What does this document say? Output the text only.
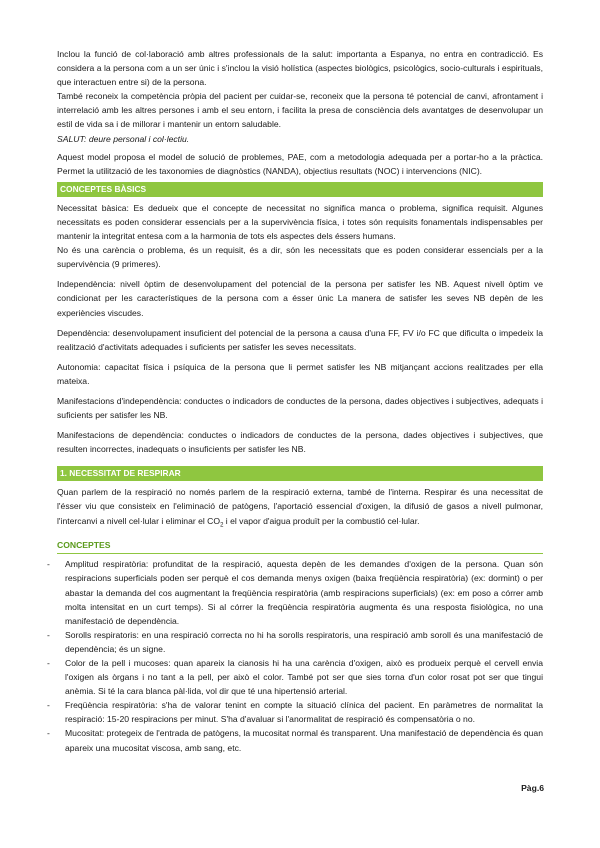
Inclou la funció de col·laboració amb altres professionals de la salut: importanta a Espanya, no entra en contradicció. Es considera a la persona com a un ser únic i s'inclou la visió holística (aspectes biològics, psicològics, socio-culturals i espirituals, que interactuen entre si) de la persona.

També reconeix la competència pròpia del pacient per cuidar-se, reconeix que la persona té potencial de canvi, afrontament i interrelació amb les altres persones i amb el seu entorn, i facilita la presa de consciència dels avantatges de desenvolupar un estil de vida sa i de millorar i mantenir un entorn saludable.

SALUT: deure personal i col·lectiu.

Aquest model proposa el model de solució de problemes, PAE, com a metodologia adequada per a portar-ho a la pràctica. Permet la utilització de les taxonomies de diagnòstics (NANDA), objectius resultats (NOC) i intervencions (NIC).

CONCEPTES BÀSICS

Necessitat bàsica: Es dedueix que el concepte de necessitat no significa manca o problema, significa requisit. Algunes necessitats es poden considerar essencials per a la supervivència física, i totes són requisits fonamentals indispensables per mantenir la integritat entesa com a la harmonia de tots els aspectes dels éssers humans.

No és una carència o problema, és un requisit, és a dir, són les necessitats que es poden considerar essencials per a la supervivència (9 primeres).

Independència: nivell òptim de desenvolupament del potencial de la persona per satisfer les NB. Aquest nivell òptim ve condicionat per les característiques de la persona com a ésser únic La manera de satisfer les seves NB depèn de les experiències viscudes.

Dependència: desenvolupament insuficient del potencial de la persona a causa d'una FF, FV i/o FC que dificulta o impedeix la realització d'activitats adequades i suficients per satisfer les seves necessitats.

Autonomia: capacitat física i psíquica de la persona que li permet satisfer les NB mitjançant accions realitzades per ella mateixa.

Manifestacions d'independència: conductes o indicadors de conductes de la persona, dades objectives i subjectives, adequats i suficients per satisfer les NB.

Manifestacions de dependència: conductes o indicadors de conductes de la persona, dades objectives i subjectives, que resulten incorrectes, inadequats o insuficients per satisfer les NB.

1. NECESSITAT DE RESPIRAR

Quan parlem de la respiració no només parlem de la respiració externa, també de l'interna. Respirar és una necessitat de l'ésser viu que consisteix en l'eliminació de patògens, l'aportació essencial d'oxigen, la difusió de gasos a nivell pulmonar, l'intercanvi a nivell cel·lular i eliminar el $CO_2$ i el vapor d'aigua produït per la combustió cel·lular.

CONCEPTES
- Amplitud respiratòria: profunditat de la respiració, aquesta depèn de les demandes d'oxigen de la persona. Quan són respiracions superficials poden ser perquè el cos demanda menys oxigen (baixa freqüència respiratòria) (ex: dormint) o per abastar la demanda del cos augmentant la freqüència respiratòria (amb respiracions superficials) (ex: em poso a córrer amb molta intensitat en un curt temps). Si al córrer la freqüència respiratòria augmenta és una resposta fisiològica, no una manifestació de dependència.
- Sorolls respiratoris: en una respiració correcta no hi ha sorolls respiratoris, una respiració amb soroll és una manifestació de dependència; és un signe.
- Color de la pell i mucoses: quan apareix la cianosis hi ha una carència d'oxigen, això es produeix perquè el cervell envia l'oxigen als òrgans i no tant a la pell, per això el color. També pot ser que sies torna d'un color rosat pot ser que tingui anèmia. Si té la cara blanca pàl·lida, vol dir que té una hipertensió arterial.
- Freqüència respiratòria: s'ha de valorar tenint en compte la situació clínica del pacient. En paràmetres de normalitat la respiració: 15-20 respiracions per minut. S'ha d'avaluar si l'anormalitat de respiració és compensatòria o no.
- Mucositat: protegeix de l'entrada de patògens, la mucositat normal és transparent. Una manifestació de dependència és quan apareix una mucositat viscosa, amb sang, etc.
Pàg.6
